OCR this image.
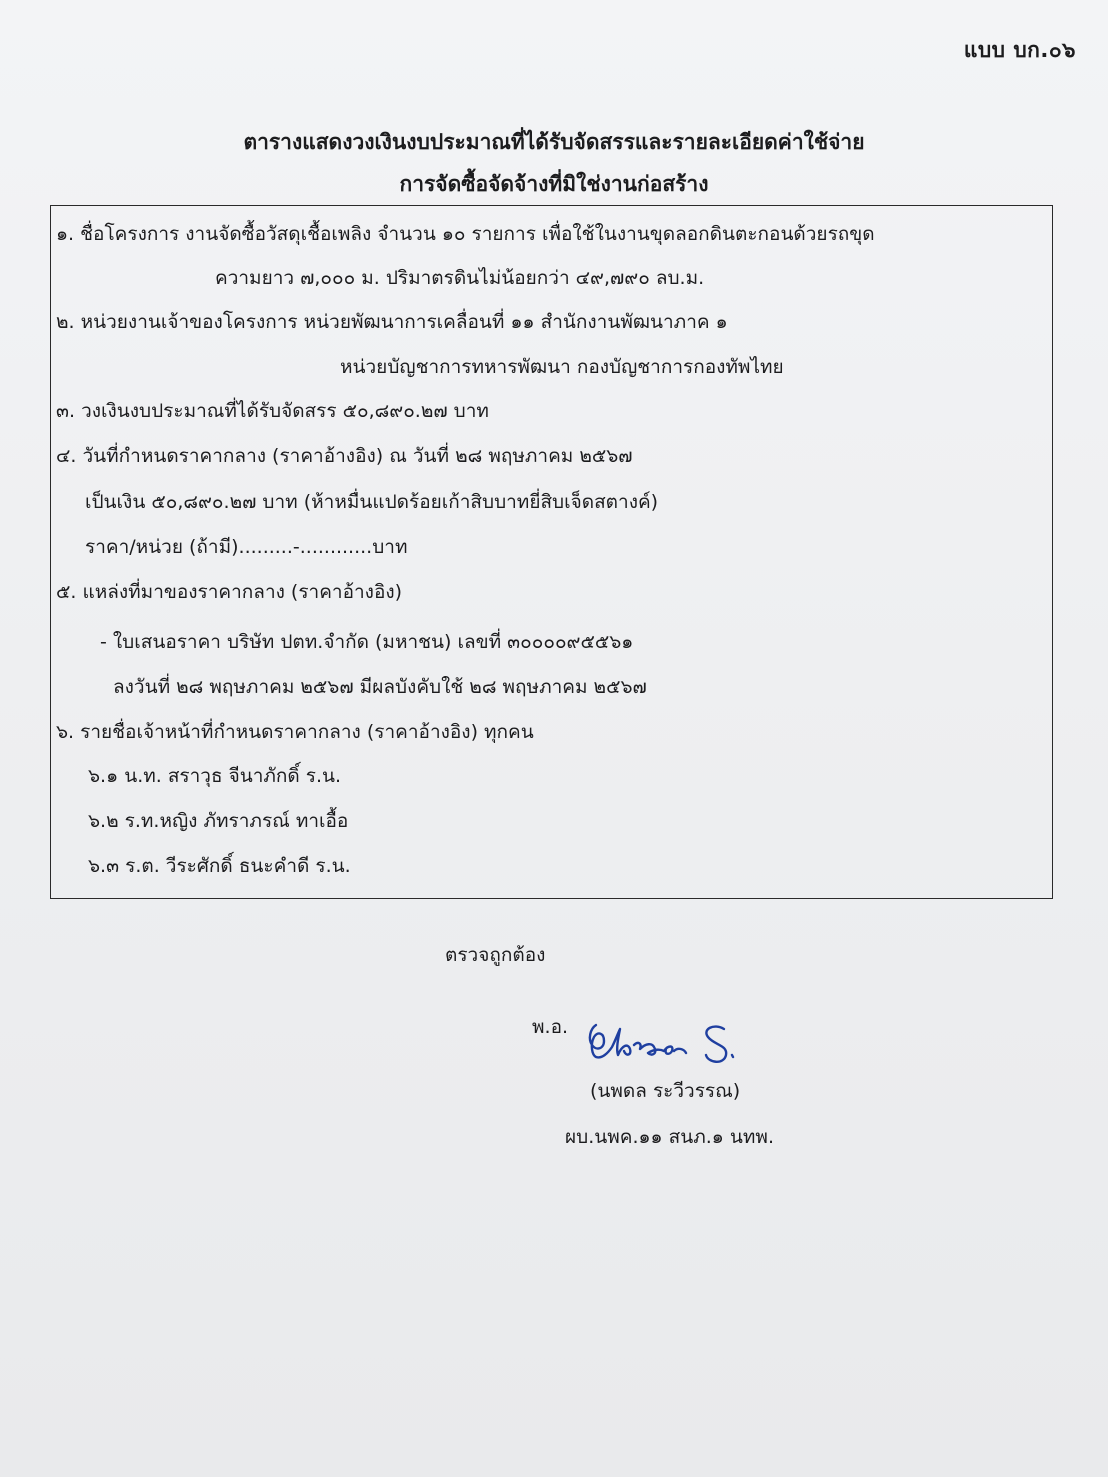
แบบ บก.๐๖
ตารางแสดงวงเงินงบประมาณที่ได้รับจัดสรรและรายละเอียดค่าใช้จ่าย
การจัดซื้อจัดจ้างที่มิใช่งานก่อสร้าง
๑. ชื่อโครงการ งานจัดซื้อวัสดุเชื้อเพลิง จำนวน ๑๐ รายการ เพื่อใช้ในงานขุดลอกดินตะกอนด้วยรถขุด
ความยาว ๗,๐๐๐ ม. ปริมาตรดินไม่น้อยกว่า ๔๙,๗๙๐ ลบ.ม.
๒. หน่วยงานเจ้าของโครงการ หน่วยพัฒนาการเคลื่อนที่ ๑๑ สำนักงานพัฒนาภาค ๑
หน่วยบัญชาการทหารพัฒนา กองบัญชาการกองทัพไทย
๓. วงเงินงบประมาณที่ได้รับจัดสรร ๕๐,๘๙๐.๒๗ บาท
๔. วันที่กำหนดราคากลาง (ราคาอ้างอิง) ณ วันที่ ๒๘ พฤษภาคม ๒๕๖๗
เป็นเงิน ๕๐,๘๙๐.๒๗ บาท (ห้าหมื่นแปดร้อยเก้าสิบบาทยี่สิบเจ็ดสตางค์)
ราคา/หน่วย (ถ้ามี).........-............บาท
๕. แหล่งที่มาของราคากลาง (ราคาอ้างอิง)
- ใบเสนอราคา บริษัท ปตท.จำกัด (มหาชน) เลขที่ ๓๐๐๐๐๙๕๕๖๑
ลงวันที่ ๒๘ พฤษภาคม ๒๕๖๗ มีผลบังคับใช้ ๒๘ พฤษภาคม ๒๕๖๗
๖. รายชื่อเจ้าหน้าที่กำหนดราคากลาง (ราคาอ้างอิง) ทุกคน
๖.๑ น.ท. สราวุธ จีนาภักดิ์ ร.น.
๖.๒ ร.ท.หญิง ภัทราภรณ์ ทาเอื้อ
๖.๓ ร.ต. วีระศักดิ์ ธนะคำดี ร.น.
ตรวจถูกต้อง
พ.อ.
(นพดล ระวีวรรณ)
ผบ.นพค.๑๑ สนภ.๑ นทพ.
